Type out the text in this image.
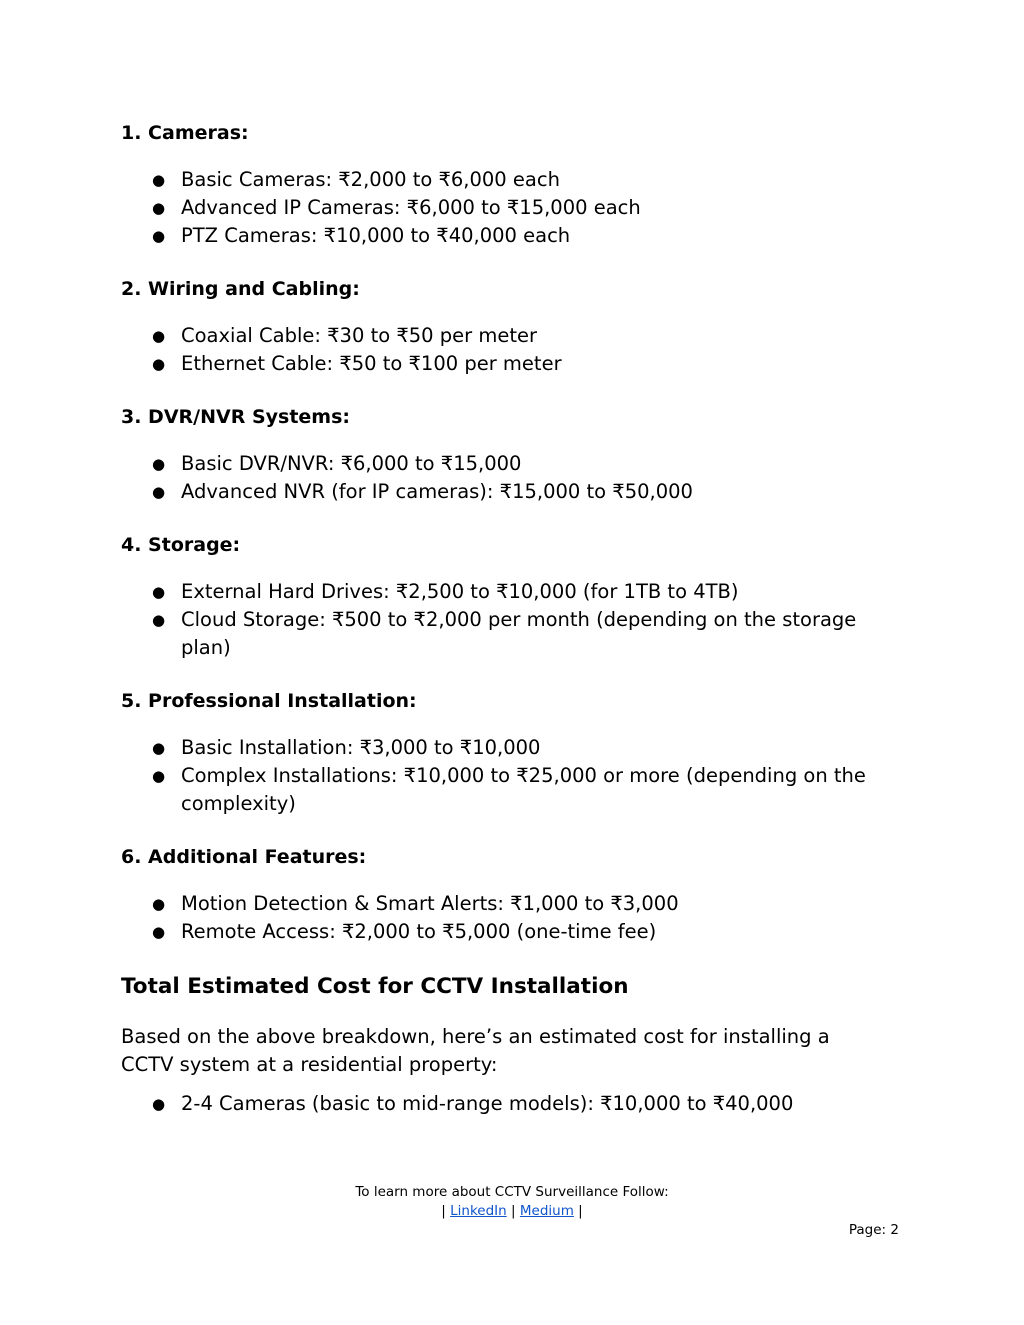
1. Cameras:
● Basic Cameras: ₹2,000 to ₹6,000 each
● Advanced IP Cameras: ₹6,000 to ₹15,000 each
● PTZ Cameras: ₹10,000 to ₹40,000 each
2. Wiring and Cabling:
● Coaxial Cable: ₹30 to ₹50 per meter
● Ethernet Cable: ₹50 to ₹100 per meter
3. DVR/NVR Systems:
● Basic DVR/NVR: ₹6,000 to ₹15,000
● Advanced NVR (for IP cameras): ₹15,000 to ₹50,000
4. Storage:
● External Hard Drives: ₹2,500 to ₹10,000 (for 1TB to 4TB)
● Cloud Storage: ₹500 to ₹2,000 per month (depending on the storage plan)
5. Professional Installation:
● Basic Installation: ₹3,000 to ₹10,000
● Complex Installations: ₹10,000 to ₹25,000 or more (depending on the complexity)
6. Additional Features:
● Motion Detection & Smart Alerts: ₹1,000 to ₹3,000
● Remote Access: ₹2,000 to ₹5,000 (one-time fee)
Total Estimated Cost for CCTV Installation

Based on the above breakdown, here’s an estimated cost for installing a CCTV system at a residential property:

● 2-4 Cameras (basic to mid-range models): ₹10,000 to ₹40,000
To learn more about CCTV Surveillance Follow:
| LinkedIn | Medium |
Page: 2
